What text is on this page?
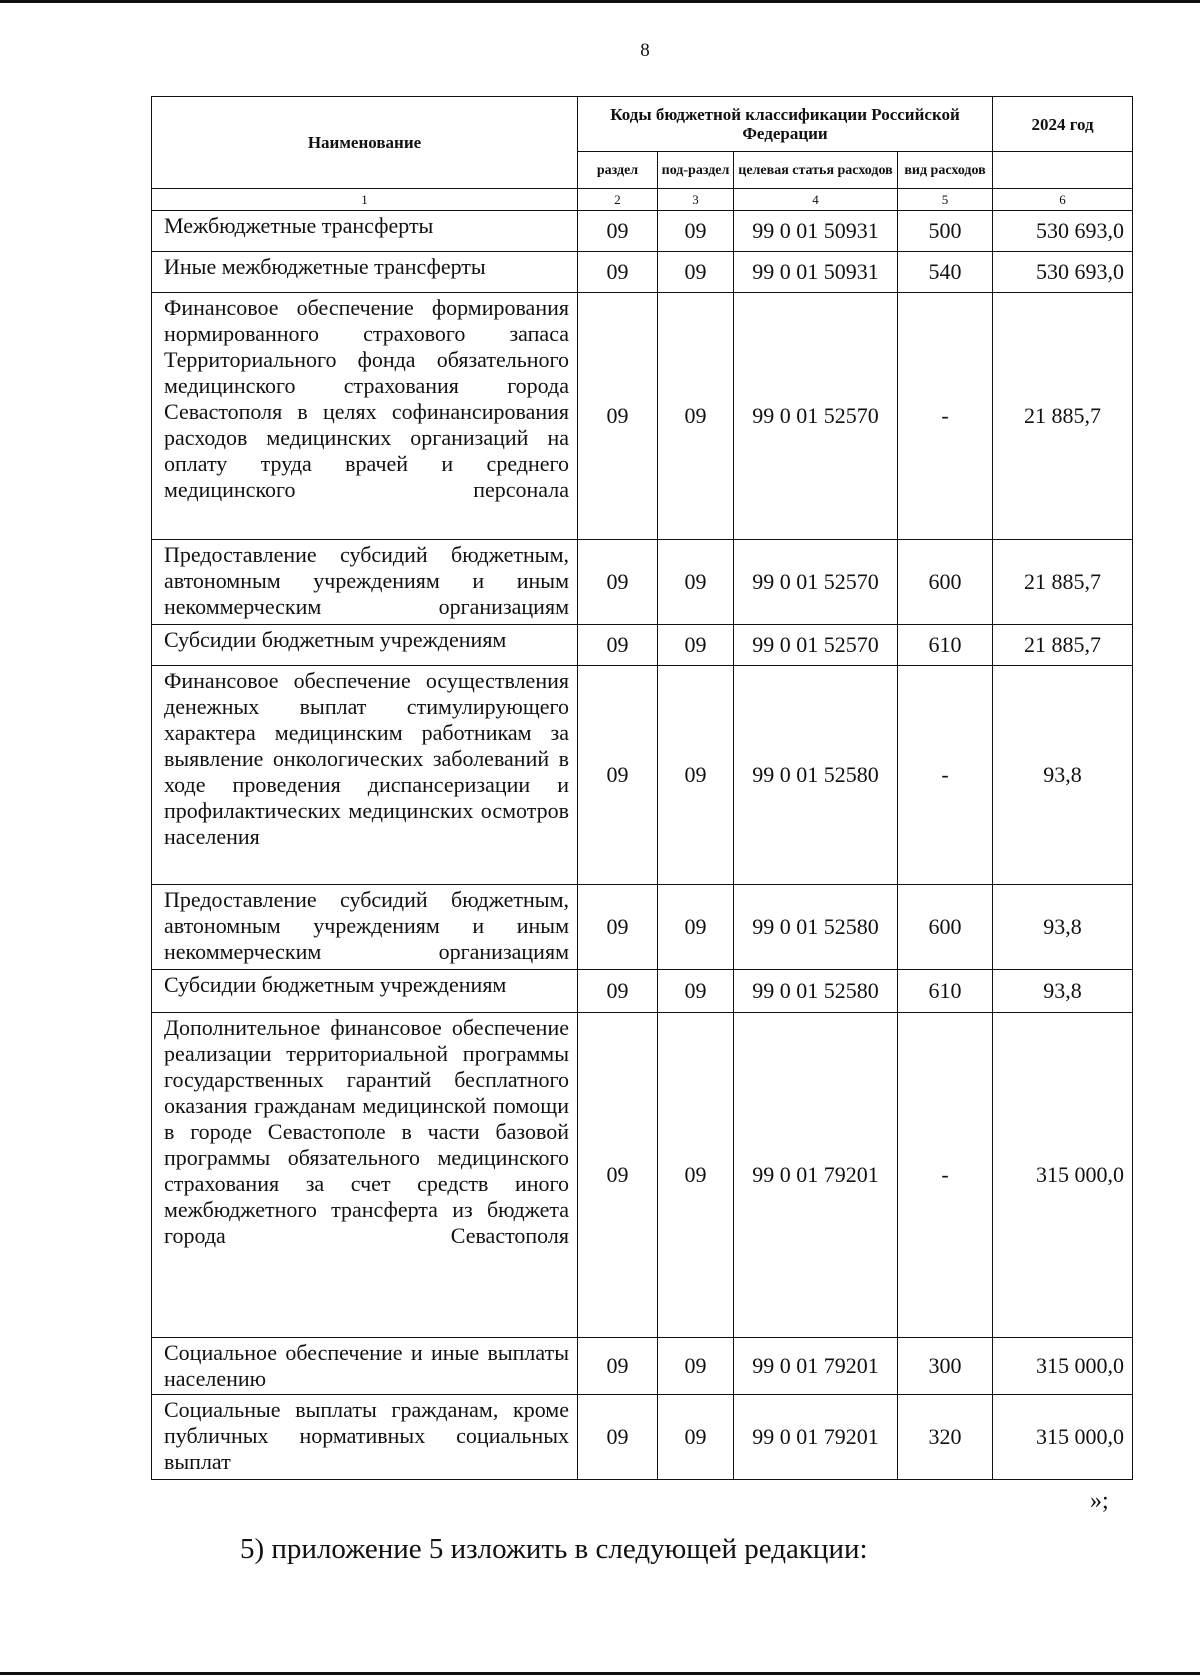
8
Наименование	Коды бюджетной классификации Российской Федерации				2024 год
	раздел	под-раздел	целевая статья расходов	вид расходов	
1	2	3	4	5	6
Межбюджетные трансферты	09	09	99 0 01 50931	500	530 693,0
Иные межбюджетные трансферты	09	09	99 0 01 50931	540	530 693,0
Финансовое обеспечение формирования нормированного страхового запаса Территориального фонда обязательного медицинского страхования города Севастополя в целях софинансирования расходов медицинских организаций на оплату труда врачей и среднего медицинского персонала	09	09	99 0 01 52570	-	21 885,7
Предоставление субсидий бюджетным, автономным учреждениям и иным некоммерческим организациям	09	09	99 0 01 52570	600	21 885,7
Субсидии бюджетным учреждениям	09	09	99 0 01 52570	610	21 885,7
Финансовое обеспечение осуществления денежных выплат стимулирующего характера медицинским работникам за выявление онкологических заболеваний в ходе проведения диспансеризации и профилактических медицинских осмотров населения	09	09	99 0 01 52580	-	93,8
Предоставление субсидий бюджетным, автономным учреждениям и иным некоммерческим организациям	09	09	99 0 01 52580	600	93,8
Субсидии бюджетным учреждениям	09	09	99 0 01 52580	610	93,8
Дополнительное финансовое обеспечение реализации территориальной программы государственных гарантий бесплатного оказания гражданам медицинской помощи в городе Севастополе в части базовой программы обязательного медицинского страхования за счет средств иного межбюджетного трансферта из бюджета города Севастополя	09	09	99 0 01 79201	-	315 000,0
Социальное обеспечение и иные выплаты населению	09	09	99 0 01 79201	300	315 000,0
Социальные выплаты гражданам, кроме публичных нормативных социальных выплат	09	09	99 0 01 79201	320	315 000,0
»;
5) приложение 5 изложить в следующей редакции:
